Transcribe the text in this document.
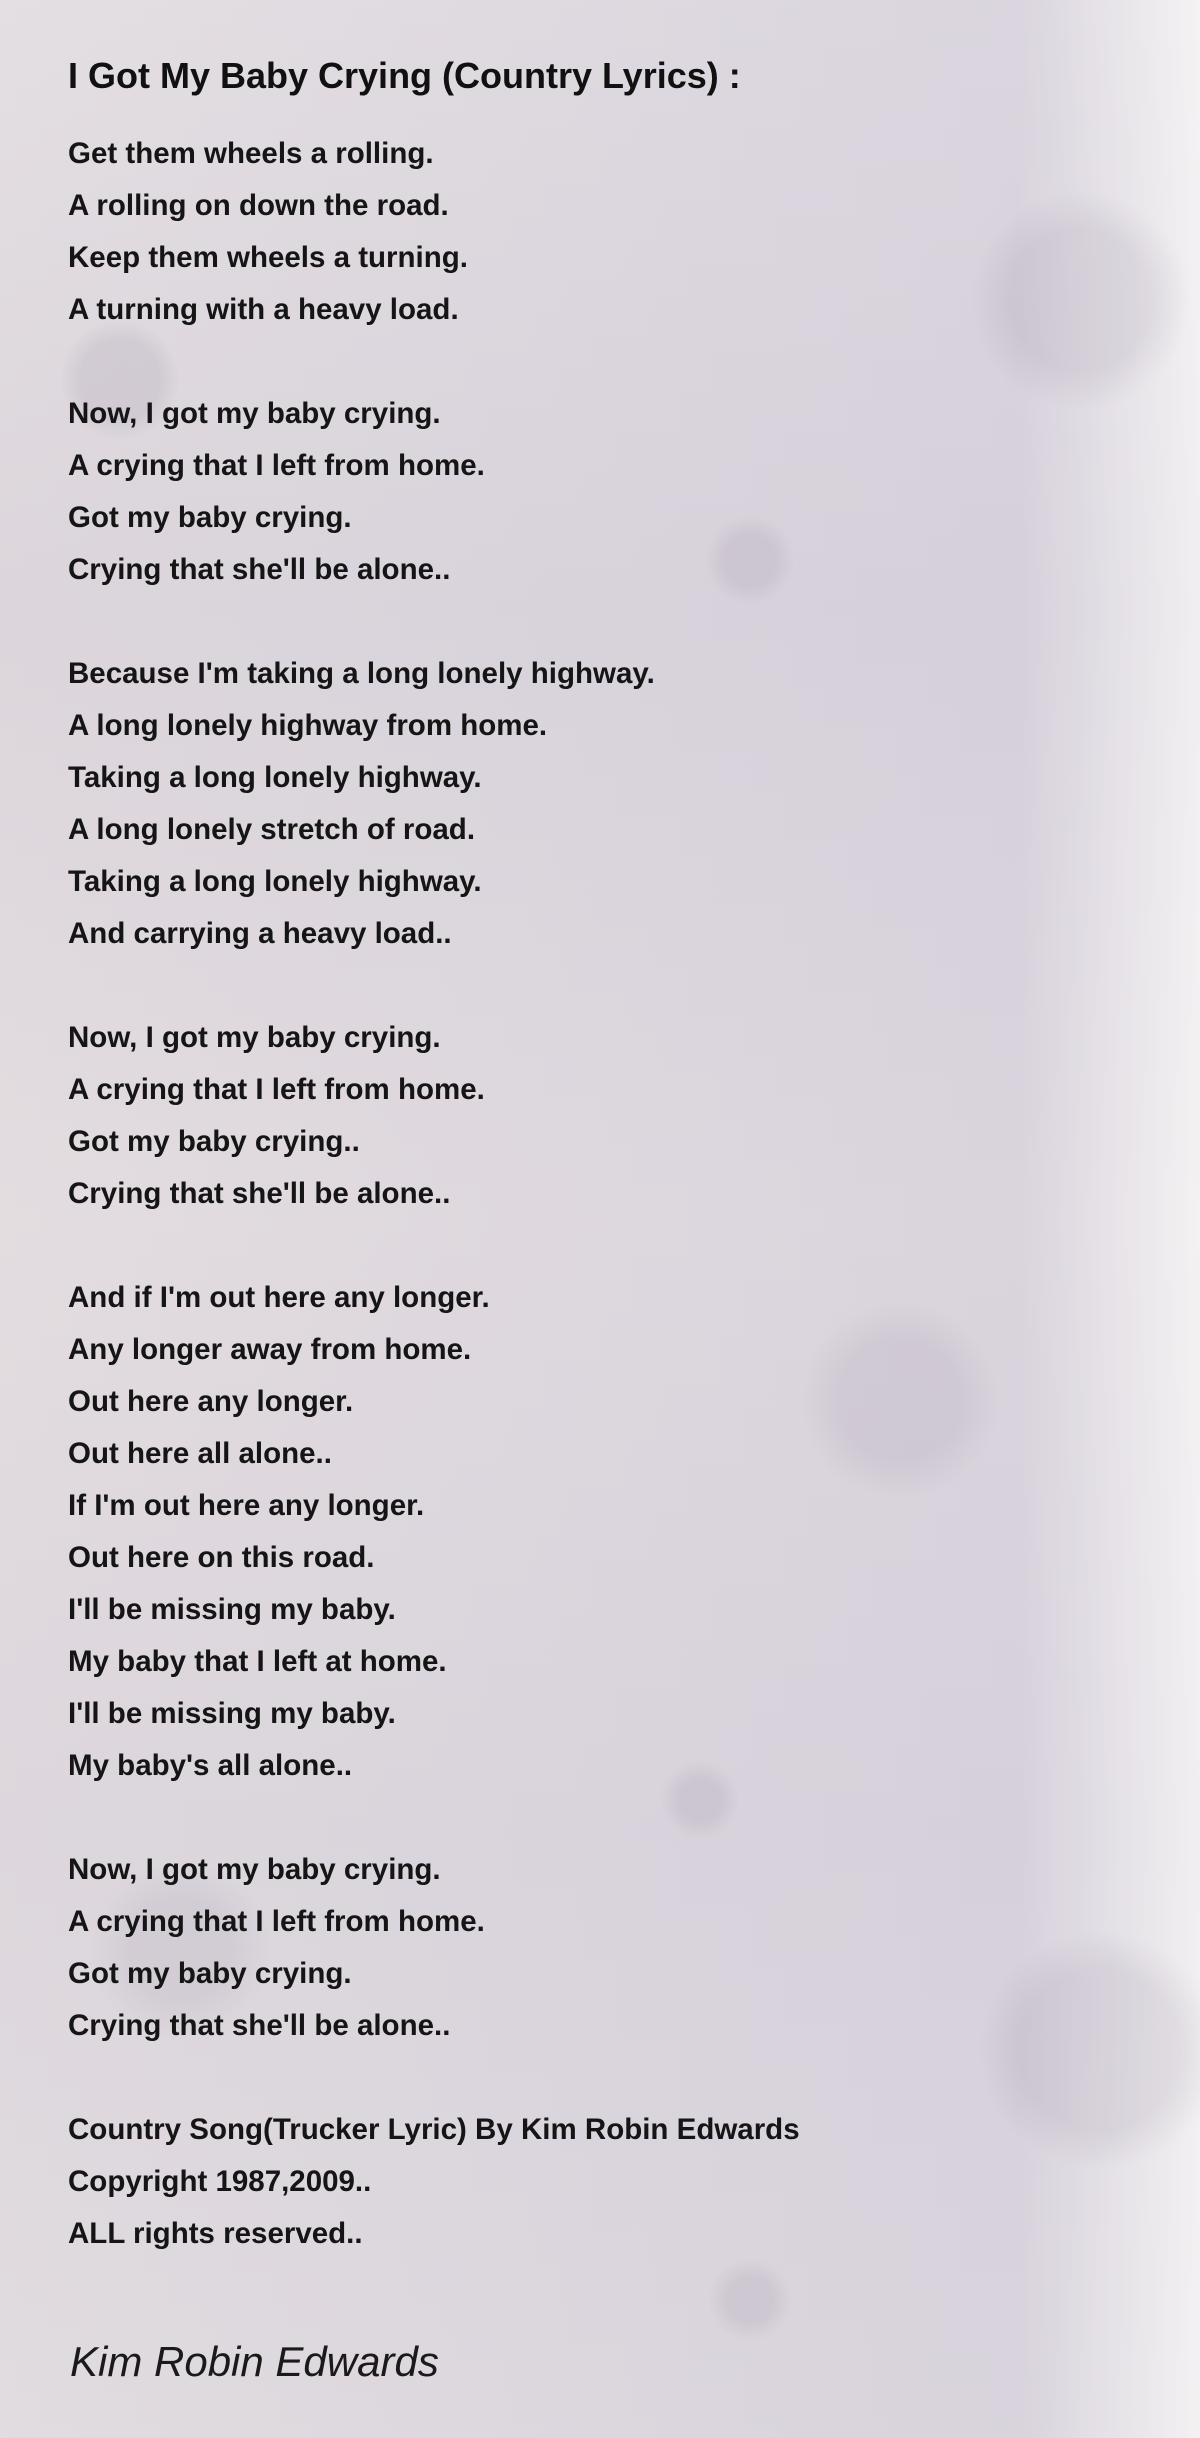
I Got My Baby Crying (Country Lyrics) :
Get them wheels a rolling.
A rolling on down the road.
Keep them wheels a turning.
A turning with a heavy load.
Now, I got my baby crying.
A crying that I left from home.
Got my baby crying.
Crying that she'll be alone..
Because I'm taking a long lonely highway.
A long lonely highway from home.
Taking a long lonely highway.
A long lonely stretch of road.
Taking a long lonely highway.
And carrying a heavy load..
Now, I got my baby crying.
A crying that I left from home.
Got my baby crying..
Crying that she'll be alone..
And if I'm out here any longer.
Any longer away from home.
Out here any longer.
Out here all alone..
If I'm out here any longer.
Out here on this road.
I'll be missing my baby.
My baby that I left at home.
I'll be missing my baby.
My baby's all alone..
Now, I got my baby crying.
A crying that I left from home.
Got my baby crying.
Crying that she'll be alone..
Country Song(Trucker Lyric) By Kim Robin Edwards
Copyright 1987,2009..
ALL rights reserved..
Kim Robin Edwards
